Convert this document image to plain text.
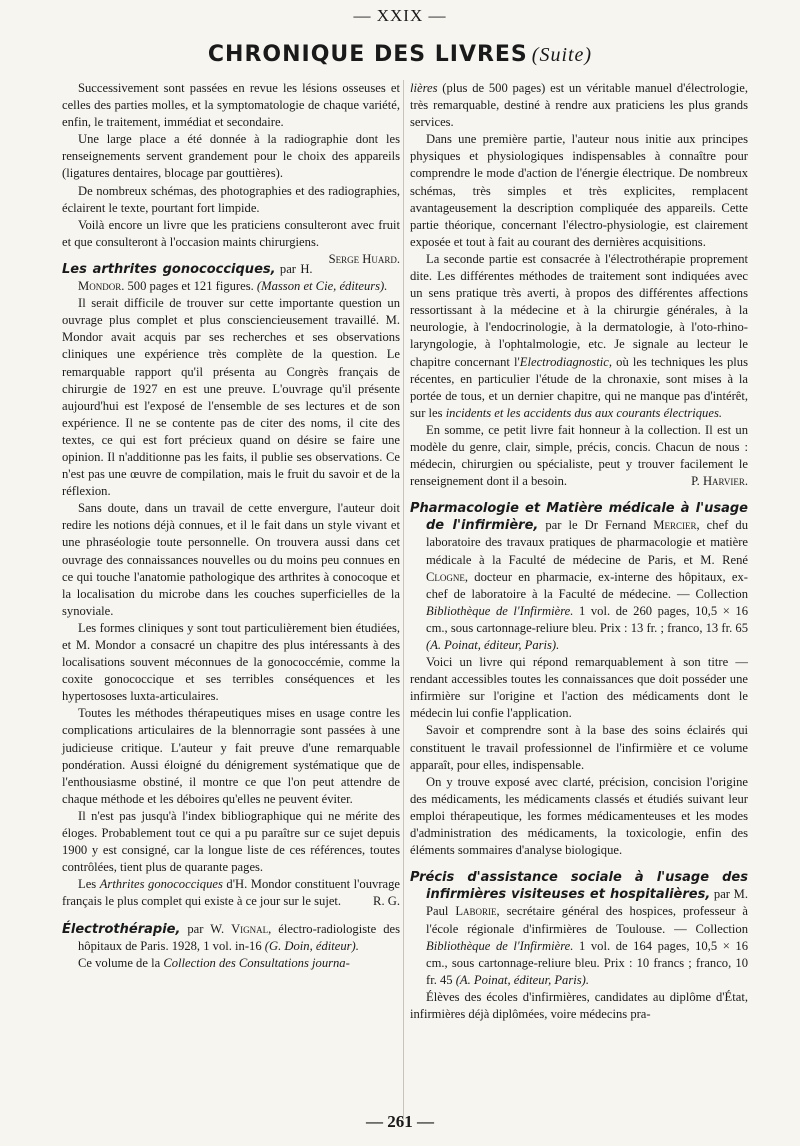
— XXIX —
CHRONIQUE DES LIVRES (Suite)

Successivement sont passées en revue les lésions osseuses et celles des parties molles, et la symptomatologie de chaque variété, enfin, le traitement, immédiat et secondaire.

Une large place a été donnée à la radiographie dont les renseignements servent grandement pour le choix des appareils (ligatures dentaires, blocage par gouttières).

De nombreux schémas, des photographies et des radiographies, éclairent le texte, pourtant fort limpide.

Voilà encore un livre que les praticiens consulteront avec fruit et que consulteront à l'occasion maints chirurgiens.
Serge Huard.

Les arthrites gonococciques, par H. Mondor. 500 pages et 121 figures. (Masson et Cie, éditeurs).

Il serait difficile de trouver sur cette importante question un ouvrage plus complet et plus consciencieusement travaillé. M. Mondor avait acquis par ses recherches et ses observations cliniques une expérience très complète de la question. Le remarquable rapport qu'il présenta au Congrès français de chirurgie de 1927 en est une preuve. L'ouvrage qu'il présente aujourd'hui est l'exposé de l'ensemble de ses lectures et de son expérience. Il ne se contente pas de citer des noms, il cite des textes, ce qui est fort précieux quand on désire se faire une opinion. Il n'additionne pas les faits, il publie ses observations. Ce n'est pas une œuvre de compilation, mais le fruit du savoir et de la réflexion.

Sans doute, dans un travail de cette envergure, l'auteur doit redire les notions déjà connues, et il le fait dans un style vivant et une phraséologie toute personnelle. On trouvera aussi dans cet ouvrage des connaissances nouvelles ou du moins peu connues en ce qui touche l'anatomie pathologique des arthrites à conocoque et la localisation du microbe dans les couches superficielles de la synoviale.

Les formes cliniques y sont tout particulièrement bien étudiées, et M. Mondor a consacré un chapitre des plus intéressants à des localisations souvent méconnues de la gonococcémie, comme la coxite gonococcique et ses terribles conséquences et les hypertososes luxta-articulaires.

Toutes les méthodes thérapeutiques mises en usage contre les complications articulaires de la blennorragie sont passées à une judicieuse critique. L'auteur y fait preuve d'une remarquable pondération. Aussi éloigné du dénigrement systématique que de l'enthousiasme obstiné, il montre ce que l'on peut attendre de chaque méthode et les déboires qu'elles ne peuvent éviter.

Il n'est pas jusqu'à l'index bibliographique qui ne mérite des éloges. Probablement tout ce qui a pu paraître sur ce sujet depuis 1900 y est consigné, car la longue liste de ces références, toutes contrôlées, tient plus de quarante pages.

Les Arthrites gonococciques d'H. Mondor constituent l'ouvrage français le plus complet qui existe à ce jour sur le sujet.	R. G.

Électrothérapie, par W. Vignal, électro-radiologiste des hôpitaux de Paris. 1928, 1 vol. in-16 (G. Doin, éditeur).

Ce volume de la Collection des Consultations journa-

lières (plus de 500 pages) est un véritable manuel d'électrologie, très remarquable, destiné à rendre aux praticiens les plus grands services.

Dans une première partie, l'auteur nous initie aux principes physiques et physiologiques indispensables à connaître pour comprendre le mode d'action de l'énergie électrique. De nombreux schémas, très simples et très explicites, remplacent avantageusement la description compliquée des appareils. Cette partie théorique, concernant l'électro-physiologie, est clairement exposée et tout à fait au courant des dernières acquisitions.

La seconde partie est consacrée à l'électrothérapie proprement dite. Les différentes méthodes de traitement sont indiquées avec un sens pratique très averti, à propos des différentes affections ressortissant à la médecine et à la chirurgie générales, à la neurologie, à l'endocrinologie, à la dermatologie, à l'oto-rhino-laryngologie, à l'ophtalmologie, etc. Je signale au lecteur le chapitre concernant l'Electrodiagnostic, où les techniques les plus récentes, en particulier l'étude de la chronaxie, sont mises à la portée de tous, et un dernier chapitre, qui ne manque pas d'intérêt, sur les incidents et les accidents dus aux courants électriques.

En somme, ce petit livre fait honneur à la collection. Il est un modèle du genre, clair, simple, précis, concis. Chacun de nous : médecin, chirurgien ou spécialiste, peut y trouver facilement le renseignement dont il a besoin.	P. Harvier.

Pharmacologie et Matière médicale à l'usage de l'infirmière, par le Dr Fernand Mercier, chef du laboratoire des travaux pratiques de pharmacologie et matière médicale à la Faculté de médecine de Paris, et M. René Clogne, docteur en pharmacie, ex-interne des hôpitaux, ex-chef de laboratoire à la Faculté de médecine. — Collection Bibliothèque de l'Infirmière. 1 vol. de 260 pages, 10,5 × 16 cm., sous cartonnage-reliure bleu. Prix : 13 fr. ; franco, 13 fr. 65 (A. Poinat, éditeur, Paris).

Voici un livre qui répond remarquablement à son titre — rendant accessibles toutes les connaissances que doit posséder une infirmière sur l'origine et l'action des médicaments dont le médecin lui confie l'application.

Savoir et comprendre sont à la base des soins éclairés qui constituent le travail professionnel de l'infirmière et ce volume apparaît, pour elles, indispensable.

On y trouve exposé avec clarté, précision, concision l'origine des médicaments, les médicaments classés et étudiés suivant leur emploi thérapeutique, les formes médicamenteuses et les modes d'administration des médicaments, la toxicologie, enfin des éléments sommaires d'analyse biologique.

Précis d'assistance sociale à l'usage des infirmières visiteuses et hospitalières, par M. Paul Laborie, secrétaire général des hospices, professeur à l'école régionale d'infirmières de Toulouse. — Collection Bibliothèque de l'Infirmière. 1 vol. de 164 pages, 10,5 × 16 cm., sous cartonnage-reliure bleu. Prix : 10 francs ; franco, 10 fr. 45 (A. Poinat, éditeur, Paris).

Élèves des écoles d'infirmières, candidates au diplôme d'État, infirmières déjà diplômées, voire médecins pra-

— 261 —
